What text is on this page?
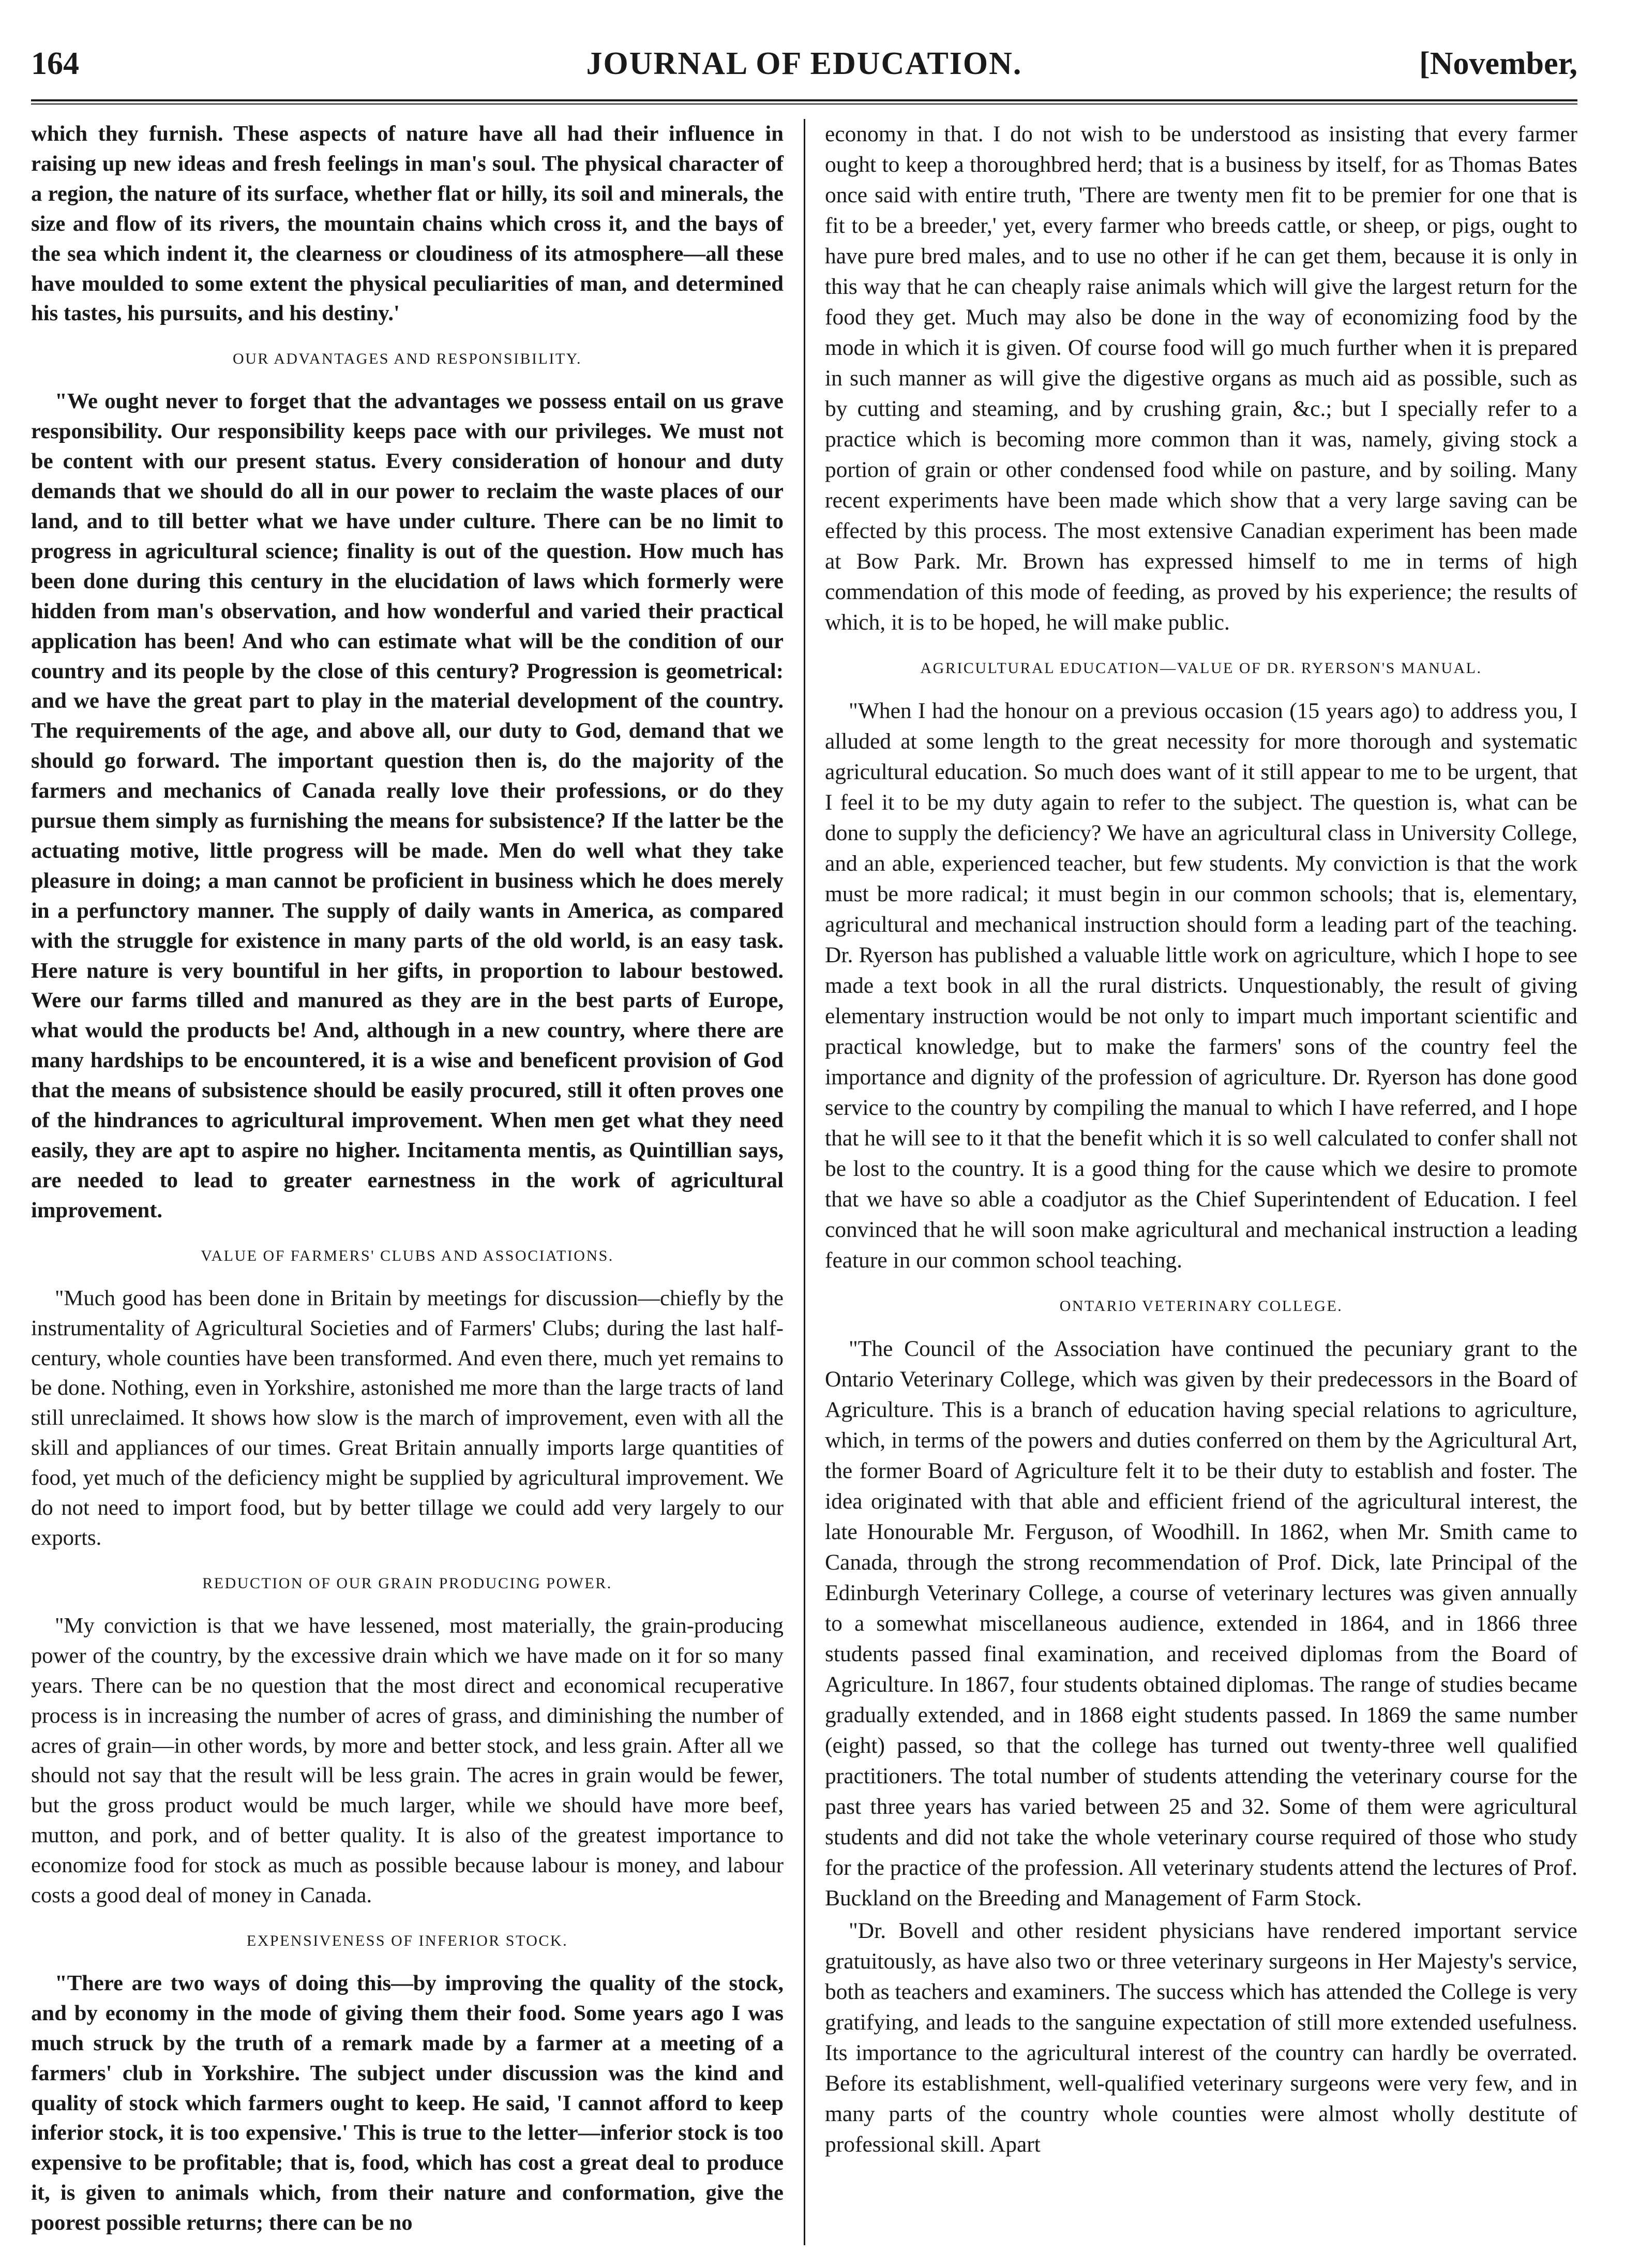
JOURNAL OF EDUCATION.
164	[November,

which they furnish. These aspects of nature have all had their influence in raising up new ideas and fresh feelings in man's soul. The physical character of a region, the nature of its surface, whether flat or hilly, its soil and minerals, the size and flow of its rivers, the mountain chains which cross it, and the bays of the sea which indent it, the clearness or cloudiness of its atmosphere—all these have moulded to some extent the physical peculiarities of man, and determined his tastes, his pursuits, and his destiny.'

OUR ADVANTAGES AND RESPONSIBILITY.

"We ought never to forget that the advantages we possess entail on us grave responsibility. Our responsibility keeps pace with our privileges. We must not be content with our present status. Every consideration of honour and duty demands that we should do all in our power to reclaim the waste places of our land, and to till better what we have under culture. There can be no limit to progress in agricultural science; finality is out of the question. How much has been done during this century in the elucidation of laws which formerly were hidden from man's observation, and how wonderful and varied their practical application has been! And who can estimate what will be the condition of our country and its people by the close of this century? Progression is geometrical: and we have the great part to play in the material development of the country. The requirements of the age, and above all, our duty to God, demand that we should go forward. The important question then is, do the majority of the farmers and mechanics of Canada really love their professions, or do they pursue them simply as furnishing the means for subsistence? If the latter be the actuating motive, little progress will be made. Men do well what they take pleasure in doing; a man cannot be proficient in business which he does merely in a perfunctory manner. The supply of daily wants in America, as compared with the struggle for existence in many parts of the old world, is an easy task. Here nature is very bountiful in her gifts, in proportion to labour bestowed. Were our farms tilled and manured as they are in the best parts of Europe, what would the products be! And, although in a new country, where there are many hardships to be encountered, it is a wise and beneficent provision of God that the means of subsistence should be easily procured, still it often proves one of the hindrances to agricultural improvement. When men get what they need easily, they are apt to aspire no higher. Incitamenta mentis, as Quintillian says, are needed to lead to greater earnestness in the work of agricultural improvement.

VALUE OF FARMERS' CLUBS AND ASSOCIATIONS.

"Much good has been done in Britain by meetings for discussion—chiefly by the instrumentality of Agricultural Societies and of Farmers' Clubs; during the last half-century, whole counties have been transformed. And even there, much yet remains to be done. Nothing, even in Yorkshire, astonished me more than the large tracts of land still unreclaimed. It shows how slow is the march of improvement, even with all the skill and appliances of our times. Great Britain annually imports large quantities of food, yet much of the deficiency might be supplied by agricultural improvement. We do not need to import food, but by better tillage we could add very largely to our exports.

REDUCTION OF OUR GRAIN PRODUCING POWER.

"My conviction is that we have lessened, most materially, the grain-producing power of the country, by the excessive drain which we have made on it for so many years. There can be no question that the most direct and economical recuperative process is in increasing the number of acres of grass, and diminishing the number of acres of grain—in other words, by more and better stock, and less grain. After all we should not say that the result will be less grain. The acres in grain would be fewer, but the gross product would be much larger, while we should have more beef, mutton, and pork, and of better quality. It is also of the greatest importance to economize food for stock as much as possible because labour is money, and labour costs a good deal of money in Canada.

EXPENSIVENESS OF INFERIOR STOCK.

"There are two ways of doing this—by improving the quality of the stock, and by economy in the mode of giving them their food. Some years ago I was much struck by the truth of a remark made by a farmer at a meeting of a farmers' club in Yorkshire. The subject under discussion was the kind and quality of stock which farmers ought to keep. He said, 'I cannot afford to keep inferior stock, it is too expensive.' This is true to the letter—inferior stock is too expensive to be profitable; that is, food, which has cost a great deal to produce it, is given to animals which, from their nature and conformation, give the poorest possible returns; there can be no

economy in that. I do not wish to be understood as insisting that every farmer ought to keep a thoroughbred herd; that is a business by itself, for as Thomas Bates once said with entire truth, 'There are twenty men fit to be premier for one that is fit to be a breeder,' yet, every farmer who breeds cattle, or sheep, or pigs, ought to have pure bred males, and to use no other if he can get them, because it is only in this way that he can cheaply raise animals which will give the largest return for the food they get. Much may also be done in the way of economizing food by the mode in which it is given. Of course food will go much further when it is prepared in such manner as will give the digestive organs as much aid as possible, such as by cutting and steaming, and by crushing grain, &c.; but I specially refer to a practice which is becoming more common than it was, namely, giving stock a portion of grain or other condensed food while on pasture, and by soiling. Many recent experiments have been made which show that a very large saving can be effected by this process. The most extensive Canadian experiment has been made at Bow Park. Mr. Brown has expressed himself to me in terms of high commendation of this mode of feeding, as proved by his experience; the results of which, it is to be hoped, he will make public.

AGRICULTURAL EDUCATION—VALUE OF DR. RYERSON'S MANUAL.

"When I had the honour on a previous occasion (15 years ago) to address you, I alluded at some length to the great necessity for more thorough and systematic agricultural education. So much does want of it still appear to me to be urgent, that I feel it to be my duty again to refer to the subject. The question is, what can be done to supply the deficiency? We have an agricultural class in University College, and an able, experienced teacher, but few students. My conviction is that the work must be more radical; it must begin in our common schools; that is, elementary, agricultural and mechanical instruction should form a leading part of the teaching. Dr. Ryerson has published a valuable little work on agriculture, which I hope to see made a text book in all the rural districts. Unquestionably, the result of giving elementary instruction would be not only to impart much important scientific and practical knowledge, but to make the farmers' sons of the country feel the importance and dignity of the profession of agriculture. Dr. Ryerson has done good service to the country by compiling the manual to which I have referred, and I hope that he will see to it that the benefit which it is so well calculated to confer shall not be lost to the country. It is a good thing for the cause which we desire to promote that we have so able a coadjutor as the Chief Superintendent of Education. I feel convinced that he will soon make agricultural and mechanical instruction a leading feature in our common school teaching.

ONTARIO VETERINARY COLLEGE.

"The Council of the Association have continued the pecuniary grant to the Ontario Veterinary College, which was given by their predecessors in the Board of Agriculture. This is a branch of education having special relations to agriculture, which, in terms of the powers and duties conferred on them by the Agricultural Art, the former Board of Agriculture felt it to be their duty to establish and foster. The idea originated with that able and efficient friend of the agricultural interest, the late Honourable Mr. Ferguson, of Woodhill. In 1862, when Mr. Smith came to Canada, through the strong recommendation of Prof. Dick, late Principal of the Edinburgh Veterinary College, a course of veterinary lectures was given annually to a somewhat miscellaneous audience, extended in 1864, and in 1866 three students passed final examination, and received diplomas from the Board of Agriculture. In 1867, four students obtained diplomas. The range of studies became gradually extended, and in 1868 eight students passed. In 1869 the same number (eight) passed, so that the college has turned out twenty-three well qualified practitioners. The total number of students attending the veterinary course for the past three years has varied between 25 and 32. Some of them were agricultural students and did not take the whole veterinary course required of those who study for the practice of the profession. All veterinary students attend the lectures of Prof. Buckland on the Breeding and Management of Farm Stock.

"Dr. Bovell and other resident physicians have rendered important service gratuitously, as have also two or three veterinary surgeons in Her Majesty's service, both as teachers and examiners. The success which has attended the College is very gratifying, and leads to the sanguine expectation of still more extended usefulness. Its importance to the agricultural interest of the country can hardly be overrated. Before its establishment, well-qualified veterinary surgeons were very few, and in many parts of the country whole counties were almost wholly destitute of professional skill. Apart
